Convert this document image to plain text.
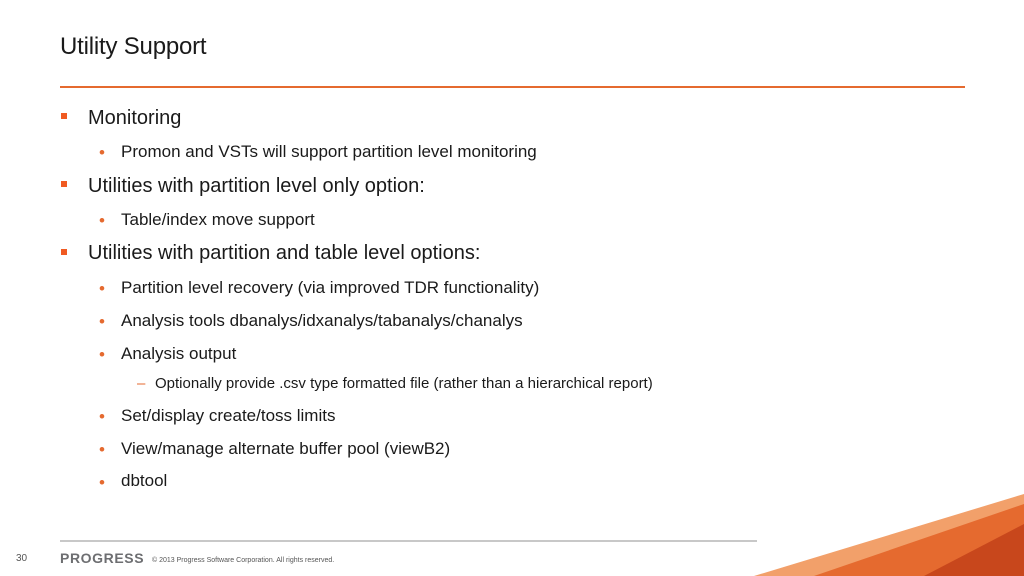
Utility Support
Monitoring
• Promon and VSTs will support partition level monitoring
Utilities with partition level only option:
• Table/index move support
Utilities with partition and table level options:
• Partition level recovery (via improved TDR functionality)
• Analysis tools dbanalys/idxanalys/tabanalys/chanalys
• Analysis output
– Optionally provide .csv type formatted file (rather than a hierarchical report)
• Set/display create/toss limits
• View/manage alternate buffer pool (viewB2)
• dbtool
30 PROGRESS © 2013 Progress Software Corporation. All rights reserved.
